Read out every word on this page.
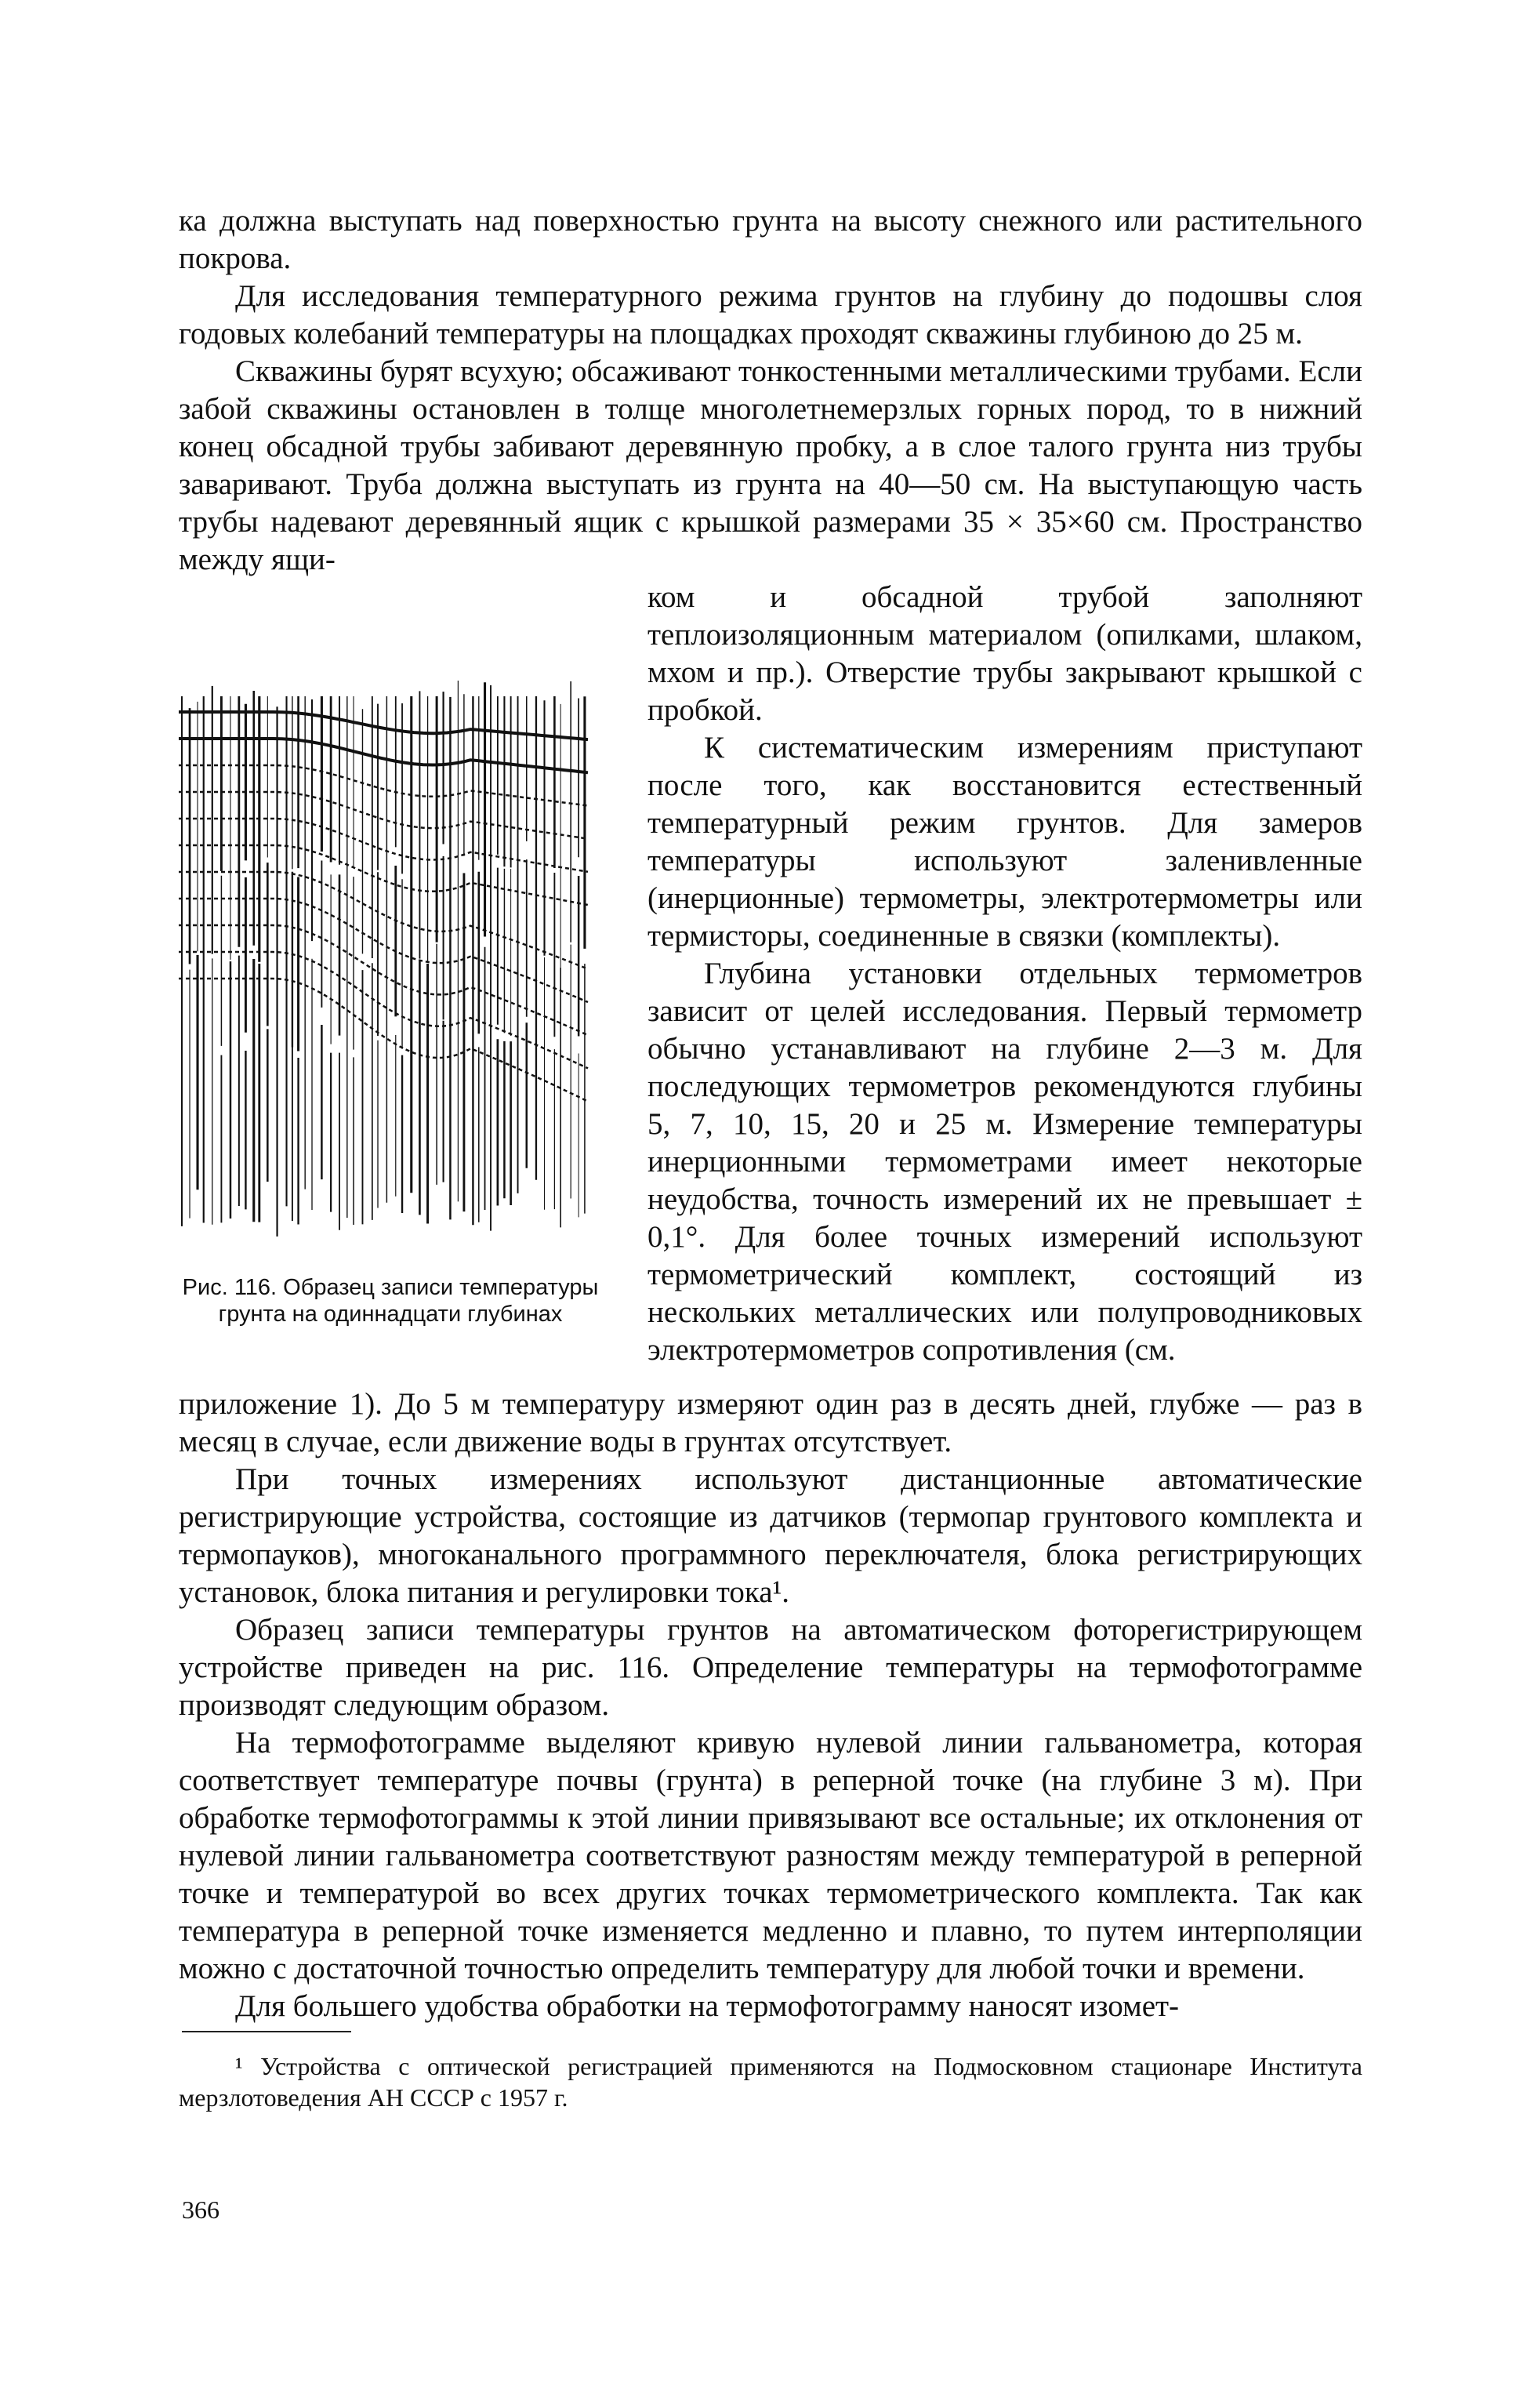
ка должна выступать над поверхностью грунта на высоту снежного или растительного покрова.

Для исследования температурного режима грунтов на глубину до подошвы слоя годовых колебаний температуры на площадках проходят скважины глубиною до 25 м.

Скважины бурят всухую; обсаживают тонкостенными металлическими трубами. Если забой скважины остановлен в толще многолетнемерзлых горных пород, то в нижний конец обсадной трубы забивают деревянную пробку, а в слое талого грунта низ трубы заваривают. Труба должна выступать из грунта на 40—50 см. На выступающую часть трубы надевают деревянный ящик с крышкой размерами 35 × 35×60 см. Пространство между ящи-

ком и обсадной трубой заполняют теплоизоляционным материалом (опилками, шлаком, мхом и пр.). Отверстие трубы закрывают крышкой с пробкой.

К систематическим измерениям приступают после того, как восстановится естественный температурный режим грунтов. Для замеров температуры используют заленивленные (инерционные) термометры, электротермометры или термисторы, соединенные в связки (комплекты).

Глубина установки отдельных термометров зависит от целей исследования. Первый термометр обычно устанавливают на глубине 2—3 м. Для последующих термометров рекомендуются глубины 5, 7, 10, 15, 20 и 25 м. Измерение температуры инерционными термометрами имеет некоторые неудобства, точность измерений их не превышает ± 0,1°. Для более точных измерений используют термометрический комплект, состоящий из нескольких металлических или полупроводниковых электротермометров сопротивления (см.

Рис. 116. Образец записи температуры грунта на одиннадцати глубинах

приложение 1). До 5 м температуру измеряют один раз в десять дней, глубже — раз в месяц в случае, если движение воды в грунтах отсутствует.

При точных измерениях используют дистанционные автоматические регистрирующие устройства, состоящие из датчиков (термопар грунтового комплекта и термопауков), многоканального программного переключателя, блока регистрирующих установок, блока питания и регулировки тока¹.

Образец записи температуры грунтов на автоматическом фоторегистрирующем устройстве приведен на рис. 116. Определение температуры на термофотограмме производят следующим образом.

На термофотограмме выделяют кривую нулевой линии гальванометра, которая соответствует температуре почвы (грунта) в реперной точке (на глубине 3 м). При обработке термофотограммы к этой линии привязывают все остальные; их отклонения от нулевой линии гальванометра соответствуют разностям между температурой в реперной точке и температурой во всех других точках термометрического комплекта. Так как температура в реперной точке изменяется медленно и плавно, то путем интерполяции можно с достаточной точностью определить температуру для любой точки и времени.

Для большего удобства обработки на термофотограмму наносят изомет-

¹ Устройства с оптической регистрацией применяются на Подмосковном стационаре Института мерзлотоведения АН СССР с 1957 г.

366
